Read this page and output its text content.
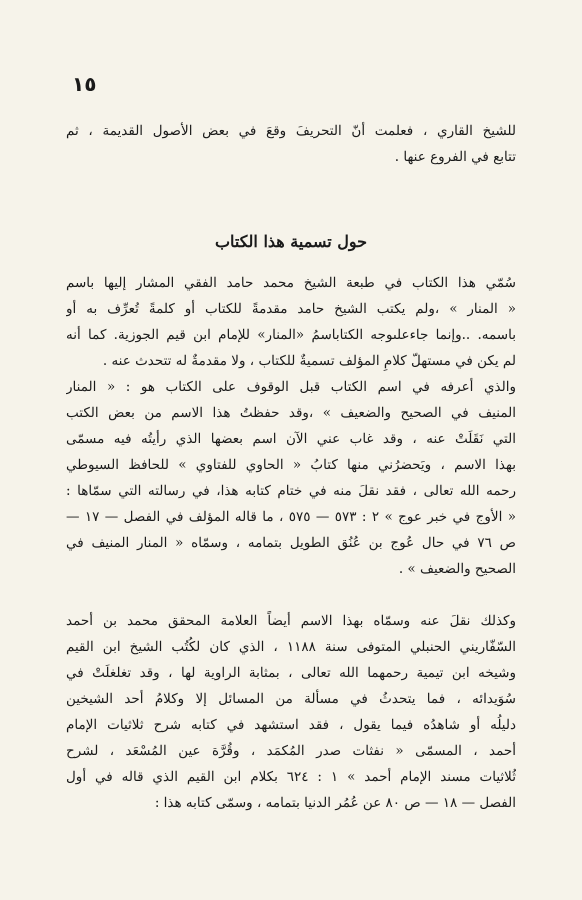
١٥
للشيخ القاري ، فعلمت أنّ التحريفَ وقعَ في بعض الأصول القديمة ، ثم
تتابع في الفروع عنها .
حول تسمية هذا الكتاب
سُمّي هذا الكتاب في طبعة الشيخ محمد حامد الفقي المشار إليها باسم
« المنار » ،ولم يكتب الشيخ حامد مقدمةً للكتاب أو كلمةً تُعرِّف به أو
باسمه. ..وإنما جاءعلىوجه الكتاباسمُ «المنار» للإمام ابن قيم الجوزية. كما أنه
لم يكن في مستهلّ كلامِ المؤلف تسميةٌ للكتاب ، ولا مقدمةٌ له تتحدث عنه .
والذي أعرفه في اسم الكتاب قبل الوقوف على الكتاب هو : « المنار
المنيف في الصحيح والضعيف » ،وقد حفظتُ هذا الاسم من بعض الكتب
التي نَقَلَتْ عنه ، وقد غاب عني الآن اسم بعضها الذي رأيتُه فيه مسمّى
بهذا الاسم ، ويَحضرُني منها كتابُ « الحاوي للفتاوي » للحافظ السيوطي
رحمه الله تعالى ، فقد نقلَ منه في ختام كتابه هذا، في رسالته التي سمّاها :
« الأوج في خبر عوج » ٢ : ٥٧٣ — ٥٧٥ ، ما قاله المؤلف في الفصل — ١٧ —
ص ٧٦ في حال عُوج بن عُنُق الطويل بتمامه ، وسمّاه « المنار المنيف في
الصحيح والضعيف » .
وكذلك نقلَ عنه وسمّاه بهذا الاسم أيضاً العلامة المحقق محمد بن أحمد
السّفّاريني الحنبلي المتوفى سنة ١١٨٨ ، الذي كان لكُتُب الشيخ ابن القيم
وشيخه ابن تيمية رحمهما الله تعالى ، بمثابة الراوية لها ، وقد تغلغلَتْ في
سُوَيدائه ، فما يتحدثُ في مسألة من المسائل إلا وكلامُ أحد الشيخين
دليلُه أو شاهدُه فيما يقول ، فقد استشهد في كتابه شرح ثلاثيات الإمام
أحمد ، المسمّى « نفثات صدر المُكمَد ، وقُرَّة عين المُسْعَد ، لشرح
ثُلاثيات مسند الإمام أحمد » ١ : ٦٢٤ بكلام ابن القيم الذي قاله في أول
الفصل — ١٨ — ص ٨٠ عن عُمُر الدنيا بتمامه ، وسمّى كتابه هذا :
